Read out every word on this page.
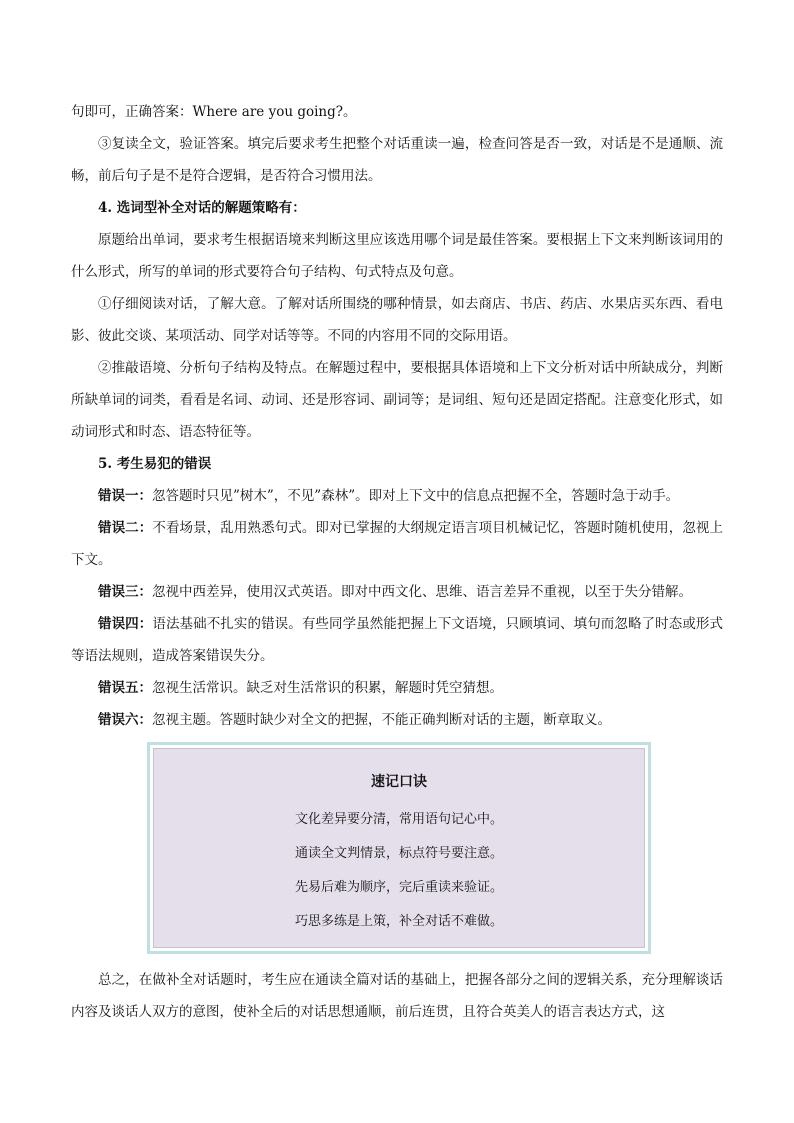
句即可，正确答案：Where are you going?。

③复读全文，验证答案。填完后要求考生把整个对话重读一遍，检查问答是否一致，对话是不是通顺、流畅，前后句子是不是符合逻辑，是否符合习惯用法。

4. 选词型补全对话的解题策略有：

原题给出单词，要求考生根据语境来判断这里应该选用哪个词是最佳答案。要根据上下文来判断该词用的什么形式，所写的单词的形式要符合句子结构、句式特点及句意。

①仔细阅读对话，了解大意。了解对话所围绕的哪种情景，如去商店、书店、药店、水果店买东西、看电影、彼此交谈、某项活动、同学对话等等。不同的内容用不同的交际用语。

②推敲语境、分析句子结构及特点。在解题过程中，要根据具体语境和上下文分析对话中所缺成分，判断所缺单词的词类，看看是名词、动词、还是形容词、副词等；是词组、短句还是固定搭配。注意变化形式，如动词形式和时态、语态特征等。

5. 考生易犯的错误

错误一：忽答题时只见”树木”，不见”森林”。即对上下文中的信息点把握不全，答题时急于动手。

错误二：不看场景，乱用熟悉句式。即对已掌握的大纲规定语言项目机械记忆，答题时随机使用，忽视上下文。

错误三：忽视中西差异，使用汉式英语。即对中西文化、思维、语言差异不重视，以至于失分错解。

错误四：语法基础不扎实的错误。有些同学虽然能把握上下文语境，只顾填词、填句而忽略了时态或形式等语法规则，造成答案错误失分。

错误五：忽视生活常识。缺乏对生活常识的积累，解题时凭空猜想。

错误六：忽视主题。答题时缺少对全文的把握，不能正确判断对话的主题，断章取义。

速记口诀
文化差异要分清，常用语句记心中。
通读全文判情景，标点符号要注意。
先易后难为顺序，完后重读来验证。
巧思多练是上策，补全对话不难做。

总之，在做补全对话题时，考生应在通读全篇对话的基础上，把握各部分之间的逻辑关系，充分理解谈话内容及谈话人双方的意图，使补全后的对话思想通顺，前后连贯，且符合英美人的语言表达方式，这
